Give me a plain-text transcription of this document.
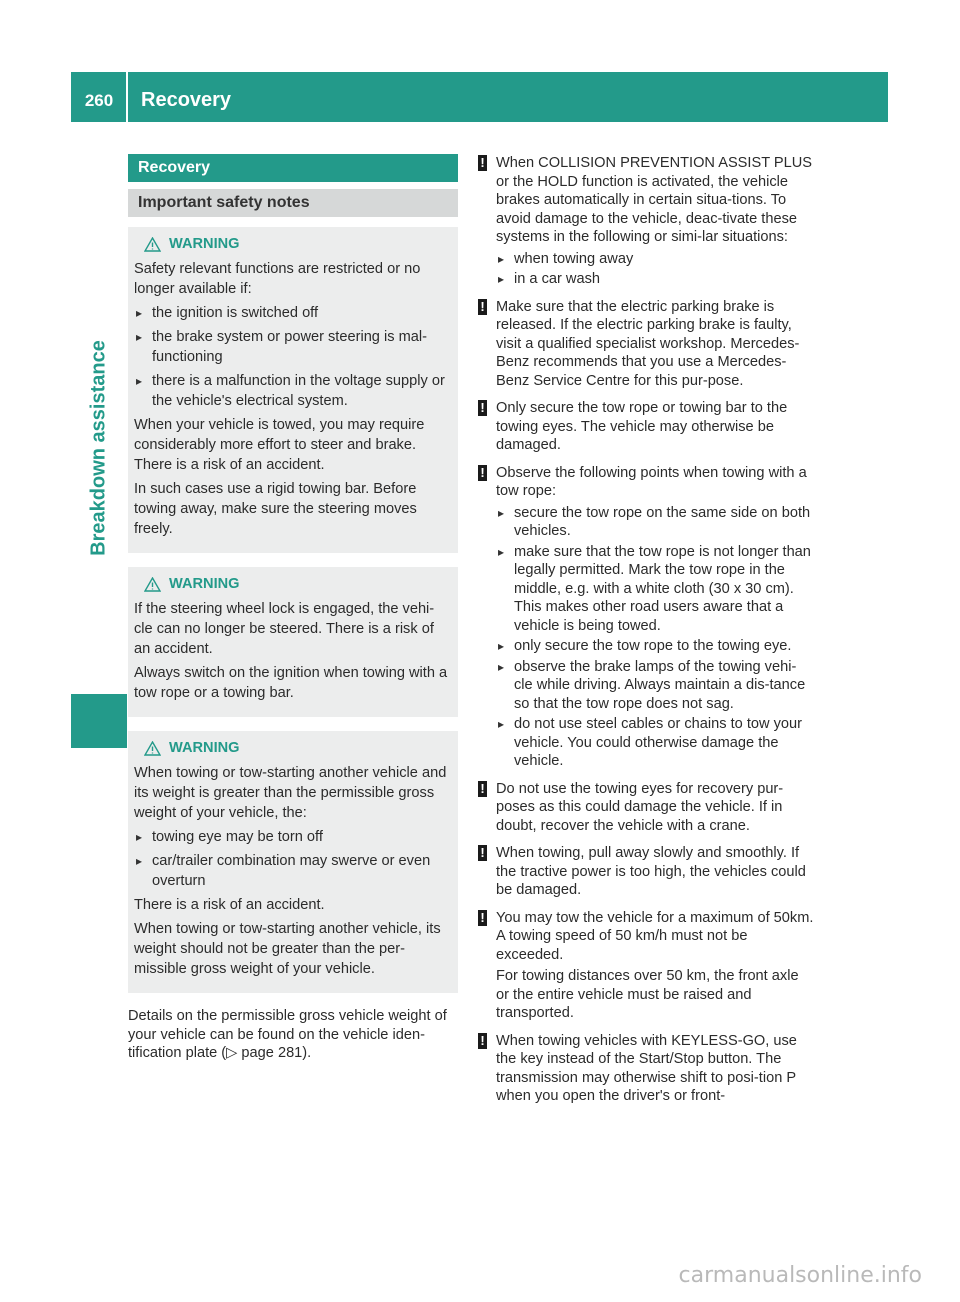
260	Recovery
Breakdown assistance
Recovery
Important safety notes
WARNING

Safety relevant functions are restricted or no longer available if:

▸ the ignition is switched off
▸ the brake system or power steering is mal-functioning
▸ there is a malfunction in the voltage supply or the vehicle's electrical system.

When your vehicle is towed, you may require considerably more effort to steer and brake. There is a risk of an accident.

In such cases use a rigid towing bar. Before towing away, make sure the steering moves freely.

WARNING

If the steering wheel lock is engaged, the vehi-cle can no longer be steered. There is a risk of an accident.

Always switch on the ignition when towing with a tow rope or a towing bar.

WARNING

When towing or tow-starting another vehicle and its weight is greater than the permissible gross weight of your vehicle, the:

▸ towing eye may be torn off
▸ car/trailer combination may swerve or even overturn

There is a risk of an accident.

When towing or tow-starting another vehicle, its weight should not be greater than the per-missible gross weight of your vehicle.

Details on the permissible gross vehicle weight of your vehicle can be found on the vehicle iden-tification plate (▷ page 281).

! When COLLISION PREVENTION ASSIST PLUS or the HOLD function is activated, the vehicle brakes automatically in certain situa-tions. To avoid damage to the vehicle, deac-tivate these systems in the following or simi-lar situations:

▸ when towing away
▸ in a car wash
! Make sure that the electric parking brake is released. If the electric parking brake is faulty, visit a qualified specialist workshop. Mercedes-Benz recommends that you use a Mercedes-Benz Service Centre for this pur-pose.

! Only secure the tow rope or towing bar to the towing eyes. The vehicle may otherwise be damaged.

! Observe the following points when towing with a tow rope:

▸ secure the tow rope on the same side on both vehicles.
▸ make sure that the tow rope is not longer than legally permitted. Mark the tow rope in the middle, e.g. with a white cloth (30 x 30 cm). This makes other road users aware that a vehicle is being towed.
▸ only secure the tow rope to the towing eye.
▸ observe the brake lamps of the towing vehi-cle while driving. Always maintain a dis-tance so that the tow rope does not sag.
▸ do not use steel cables or chains to tow your vehicle. You could otherwise damage the vehicle.
! Do not use the towing eyes for recovery pur-poses as this could damage the vehicle. If in doubt, recover the vehicle with a crane.

! When towing, pull away slowly and smoothly. If the tractive power is too high, the vehicles could be damaged.

! You may tow the vehicle for a maximum of 50km. A towing speed of 50 km/h must not be exceeded.

For towing distances over 50 km, the front axle or the entire vehicle must be raised and transported.

! When towing vehicles with KEYLESS-GO, use the key instead of the Start/Stop button. The transmission may otherwise shift to posi-tion P when you open the driver's or front-

carmanualsonline.info
